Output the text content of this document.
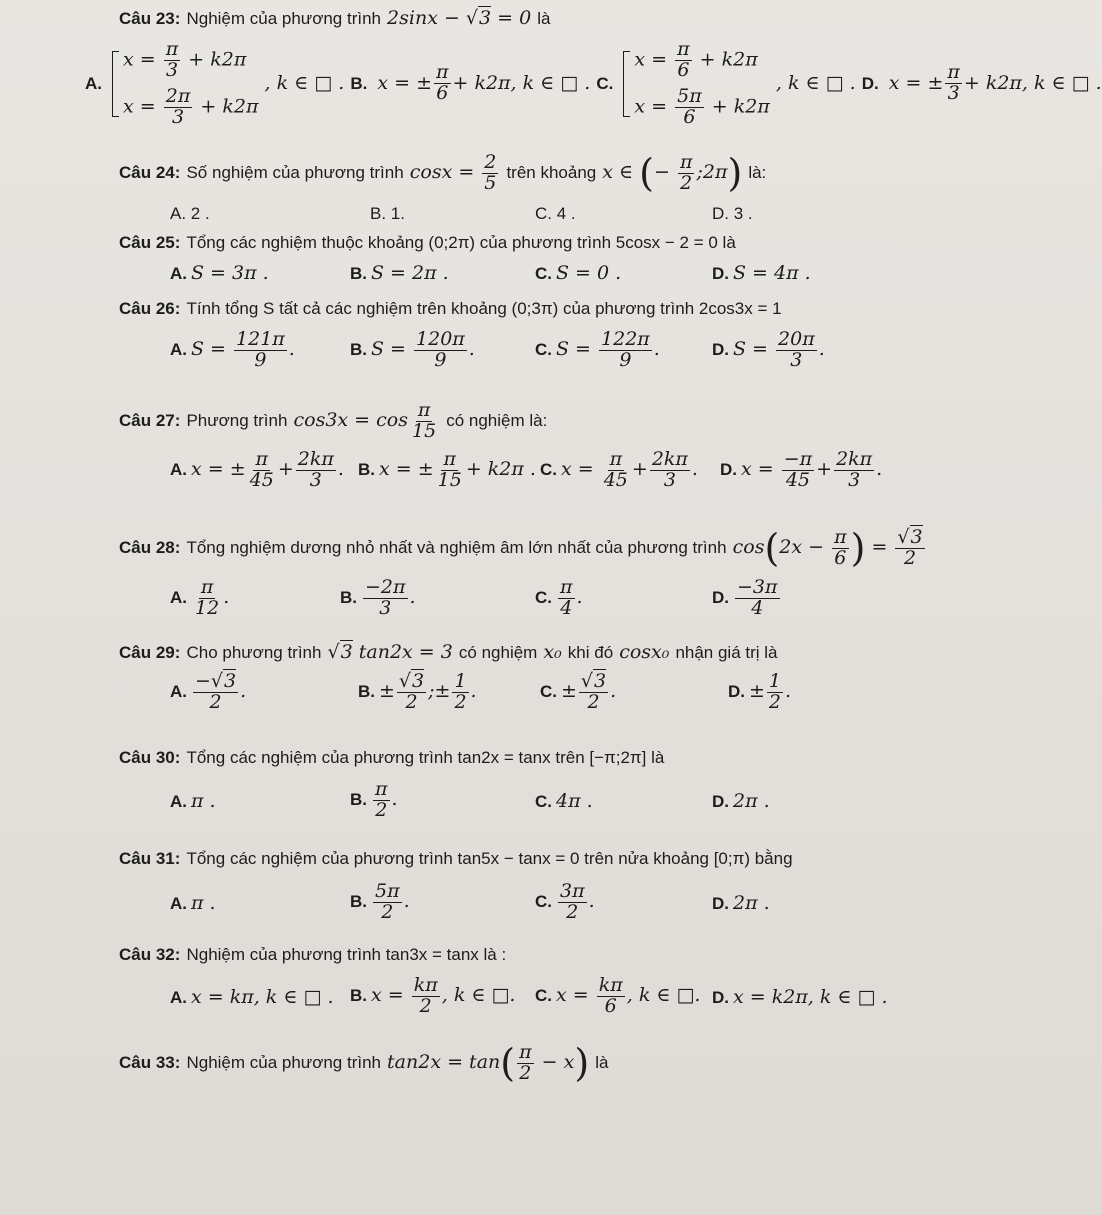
Câu 23: Nghiệm của phương trình 2sinx − √3 = 0 là
A.
$x = \frac{\pi}{3} + k2\pi$
$x = \frac{2\pi}{3} + k2\pi$
, k ∈ □ . B. x = ± $\frac{\pi}{6} + k2\pi$, k ∈ □ . C.
$x = \frac{\pi}{6} + k2\pi$
$x = \frac{5\pi}{6} + k2\pi$
, k ∈ □ . D. x = ± $\frac{\pi}{3} + k2\pi$, k ∈ □ .
Câu 24: Số nghiệm của phương trình $\cos x = \frac{2}{5}$ trên khoảng x ∈ (− $\frac{\pi}{2}$ ;2π) là:
A. 2 .	B. 1.	C. 4 .	D. 3 .
Câu 25: Tổng các nghiệm thuộc khoảng (0;2π) của phương trình 5cosx − 2 = 0 là
A. S = 3π .	B. S = 2π .	C. S = 0 .	D. S = 4π .
Câu 26: Tính tổng S tất cả các nghiệm trên khoảng (0;3π) của phương trình 2cos3x = 1
A. $S = \frac{121\pi}{9}$ .	B. $S = \frac{120\pi}{9}$ .	C. $S = \frac{122\pi}{9}$ .	D. $S = \frac{20\pi}{3}$ .
Câu 27: Phương trình $\cos 3x = \cos \frac{\pi}{15}$ có nghiệm là:
A. x = ± $\frac{\pi}{45} + \frac{2k\pi}{3}$ . B. x = ± $\frac{\pi}{15} + k2\pi$ . C. $x = \frac{\pi}{45} + \frac{2k\pi}{3}$ . D. $x = \frac{-\pi}{45} + \frac{2k\pi}{3}$ .
Câu 28: Tổng nghiệm dương nhỏ nhất và nghiệm âm lớn nhất của phương trình $\cos(2x - \frac{\pi}{6}$ ) = $\frac{√3}{2}$
A. $\frac{\pi}{12}$ .	B. $\frac{-2\pi}{3}$ .	C. $\frac{\pi}{4}$ .	D. $\frac{-3\pi}{4}$
Câu 29: Cho phương trình √3 tan2x = 3 có nghiệm x₀ khi đó cosx₀ nhận giá trị là
A. $\frac{-√3}{2}$ .	B. ± $\frac{√3}{2}$ ;± $\frac{1}{2}$ .	C. ± $\frac{√3}{2}$ .	D. ± $\frac{1}{2}$ .
Câu 30: Tổng các nghiệm của phương trình tan2x = tanx trên [−π;2π] là
A. π .	B. $\frac{\pi}{2}$ .	C. 4π .	D. 2π .
Câu 31: Tổng các nghiệm của phương trình tan5x − tanx = 0 trên nửa khoảng [0;π) bằng
A. π .	B. $\frac{5\pi}{2}$ .	C. $\frac{3\pi}{2}$ .	D. 2π .
Câu 32: Nghiệm của phương trình tan3x = tanx là :
A. x = kπ, k ∈ □ . B. $x = \frac{k\pi}{2}$ , k ∈ □. C. $x = \frac{k\pi}{6}$ , k ∈ □. D. x = k2π, k ∈ □ .
Câu 33: Nghiệm của phương trình $\tan 2x = \tan( \frac{\pi}{2} - x)$ là
